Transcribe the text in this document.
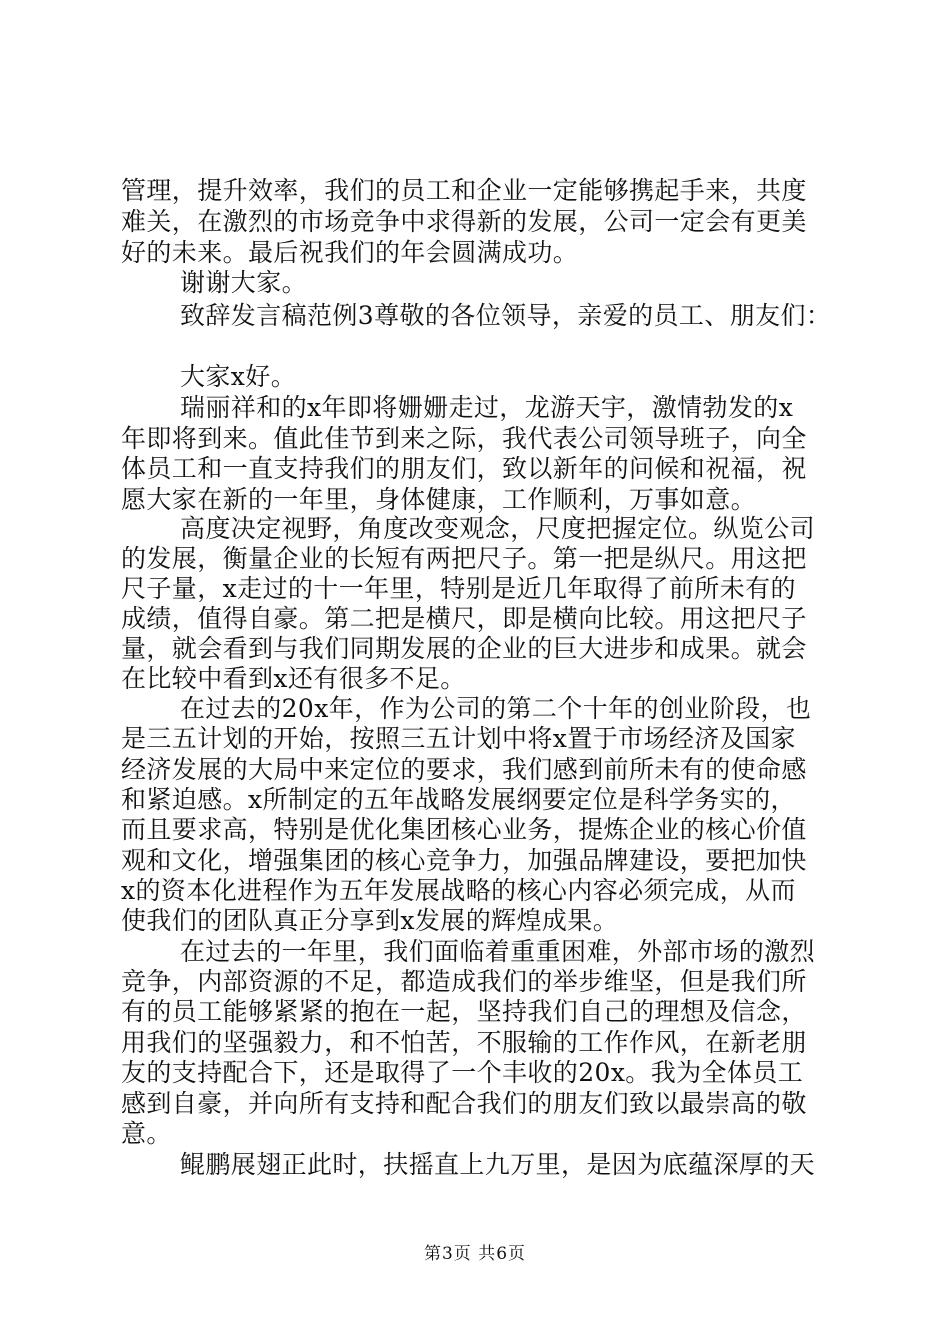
管理，提升效率，我们的员工和企业一定能够携起手来，共度
难关，在激烈的市场竞争中求得新的发展，公司一定会有更美
好的未来。最后祝我们的年会圆满成功。
谢谢大家。
致辞发言稿范例3尊敬的各位领导，亲爱的员工、朋友们：
大家x好。
瑞丽祥和的x年即将姗姗走过，龙游天宇，激情勃发的x
年即将到来。值此佳节到来之际，我代表公司领导班子，向全
体员工和一直支持我们的朋友们，致以新年的问候和祝福，祝
愿大家在新的一年里，身体健康，工作顺利，万事如意。
高度决定视野，角度改变观念，尺度把握定位。纵览公司
的发展，衡量企业的长短有两把尺子。第一把是纵尺。用这把
尺子量，x走过的十一年里，特别是近几年取得了前所未有的
成绩，值得自豪。第二把是横尺，即是横向比较。用这把尺子
量，就会看到与我们同期发展的企业的巨大进步和成果。就会
在比较中看到x还有很多不足。
在过去的20x年，作为公司的第二个十年的创业阶段，也
是三五计划的开始，按照三五计划中将x置于市场经济及国家
经济发展的大局中来定位的要求，我们感到前所未有的使命感
和紧迫感。x所制定的五年战略发展纲要定位是科学务实的，
而且要求高，特别是优化集团核心业务，提炼企业的核心价值
观和文化，增强集团的核心竞争力，加强品牌建设，要把加快
x的资本化进程作为五年发展战略的核心内容必须完成，从而
使我们的团队真正分享到x发展的辉煌成果。
在过去的一年里，我们面临着重重困难，外部市场的激烈
竞争，内部资源的不足，都造成我们的举步维坚，但是我们所
有的员工能够紧紧的抱在一起，坚持我们自己的理想及信念，
用我们的坚强毅力，和不怕苦，不服输的工作作风，在新老朋
友的支持配合下，还是取得了一个丰收的20x。我为全体员工
感到自豪，并向所有支持和配合我们的朋友们致以最崇高的敬
意。
鲲鹏展翅正此时，扶摇直上九万里，是因为底蕴深厚的天
第3页 共6页
